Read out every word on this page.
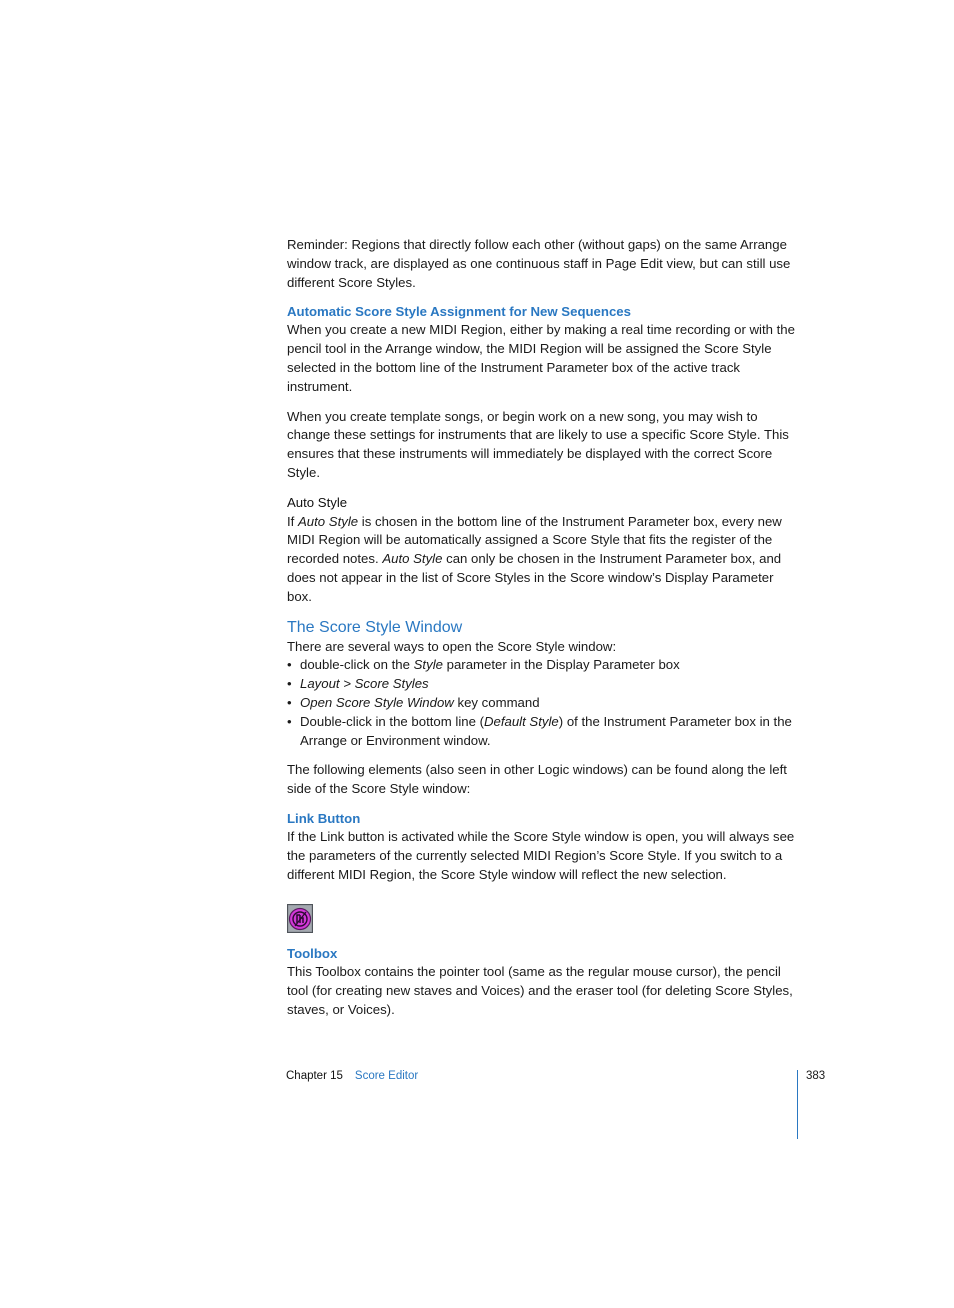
Reminder: Regions that directly follow each other (without gaps) on the same Arrange window track, are displayed as one continuous staff in Page Edit view, but can still use different Score Styles.

Automatic Score Style Assignment for New Sequences

When you create a new MIDI Region, either by making a real time recording or with the pencil tool in the Arrange window, the MIDI Region will be assigned the Score Style selected in the bottom line of the Instrument Parameter box of the active track instrument.

When you create template songs, or begin work on a new song, you may wish to change these settings for instruments that are likely to use a specific Score Style. This ensures that these instruments will immediately be displayed with the correct Score Style.

Auto Style

If Auto Style is chosen in the bottom line of the Instrument Parameter box, every new MIDI Region will be automatically assigned a Score Style that fits the register of the recorded notes. Auto Style can only be chosen in the Instrument Parameter box, and does not appear in the list of Score Styles in the Score window’s Display Parameter box.

The Score Style Window

There are several ways to open the Score Style window:

• double-click on the Style parameter in the Display Parameter box
• Layout > Score Styles
• Open Score Style Window key command
• Double-click in the bottom line (Default Style) of the Instrument Parameter box in the Arrange or Environment window.

The following elements (also seen in other Logic windows) can be found along the left side of the Score Style window:

Link Button

If the Link button is activated while the Score Style window is open, you will always see the parameters of the currently selected MIDI Region’s Score Style. If you switch to a different MIDI Region, the Score Style window will reflect the new selection.

Toolbox

This Toolbox contains the pointer tool (same as the regular mouse cursor), the pencil tool (for creating new staves and Voices) and the eraser tool (for deleting Score Styles, staves, or Voices).

Chapter 15 Score Editor	383
